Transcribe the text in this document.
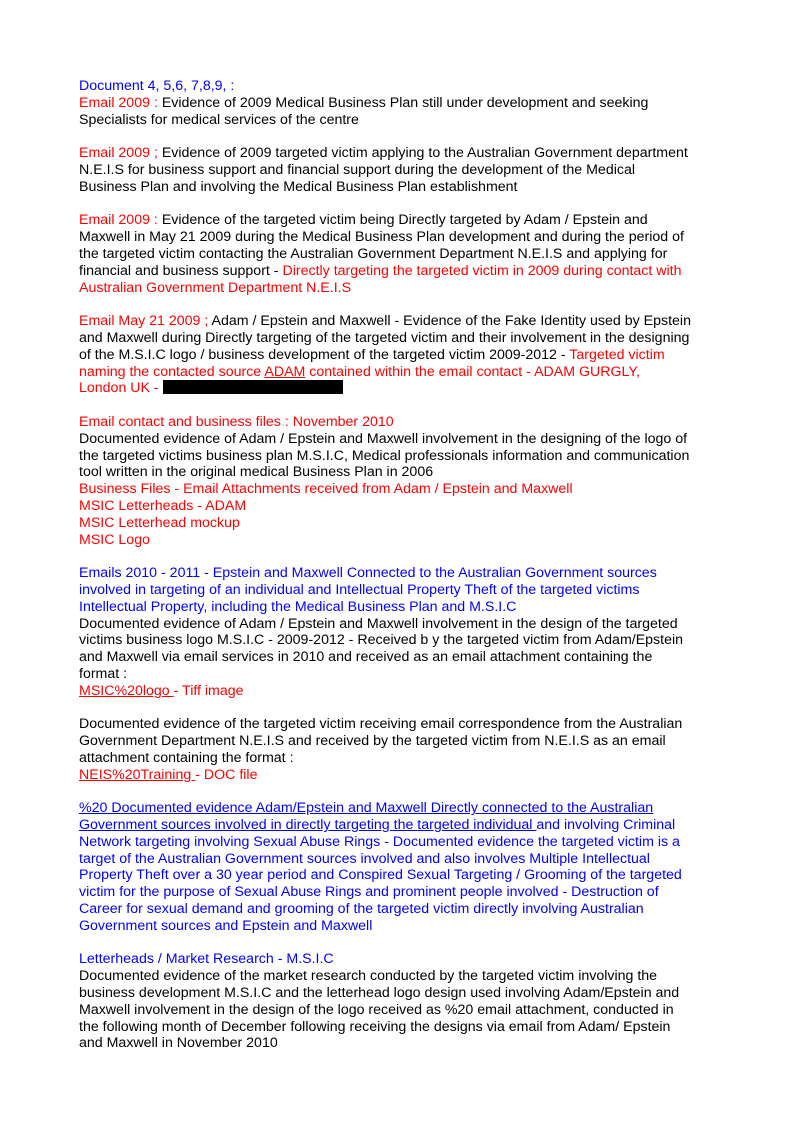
Document 4, 5,6, 7,8,9, :
Email 2009 : Evidence of 2009 Medical Business Plan still under development and seeking
Specialists for medical services of the centre
Email 2009 ; Evidence of 2009 targeted victim applying to the Australian Government department
N.E.I.S for business support and financial support during the development of the Medical
Business Plan and involving the Medical Business Plan establishment
Email 2009 : Evidence of the targeted victim being Directly targeted by Adam / Epstein and
Maxwell in May 21 2009 during the Medical Business Plan development and during the period of
the targeted victim contacting the Australian Government Department N.E.I.S and applying for
financial and business support - Directly targeting the targeted victim in 2009 during contact with
Australian Government Department N.E.I.S
Email May 21 2009 ; Adam / Epstein and Maxwell - Evidence of the Fake Identity used by Epstein
and Maxwell during Directly targeting of the targeted victim and their involvement in the designing
of the M.S.I.C logo / business development of the targeted victim 2009-2012 - Targeted victim
naming the contacted source ADAM contained within the email contact - ADAM GURGLY,
London UK -
Email contact and business files : November 2010
Documented evidence of Adam / Epstein and Maxwell involvement in the designing of the logo of
the targeted victims business plan M.S.I.C, Medical professionals information and communication
tool written in the original medical Business Plan in 2006
Business Files - Email Attachments received from Adam / Epstein and Maxwell
MSIC Letterheads - ADAM
MSIC Letterhead mockup
MSIC Logo
Emails 2010 - 2011 - Epstein and Maxwell Connected to the Australian Government sources
involved in targeting of an individual and Intellectual Property Theft of the targeted victims
Intellectual Property, including the Medical Business Plan and M.S.I.C
Documented evidence of Adam / Epstein and Maxwell involvement in the design of the targeted
victims business logo M.S.I.C - 2009-2012 - Received b y the targeted victim from Adam/Epstein
and Maxwell via email services in 2010 and received as an email attachment containing the
format :
MSIC%20logo - Tiff image
Documented evidence of the targeted victim receiving email correspondence from the Australian
Government Department N.E.I.S and received by the targeted victim from N.E.I.S as an email
attachment containing the format :
NEIS%20Training - DOC file
%20 Documented evidence Adam/Epstein and Maxwell Directly connected to the Australian
Government sources involved in directly targeting the targeted individual and involving Criminal
Network targeting involving Sexual Abuse Rings - Documented evidence the targeted victim is a
target of the Australian Government sources involved and also involves Multiple Intellectual
Property Theft over a 30 year period and Conspired Sexual Targeting / Grooming of the targeted
victim for the purpose of Sexual Abuse Rings and prominent people involved - Destruction of
Career for sexual demand and grooming of the targeted victim directly involving Australian
Government sources and Epstein and Maxwell
Letterheads / Market Research - M.S.I.C
Documented evidence of the market research conducted by the targeted victim involving the
business development M.S.I.C and the letterhead logo design used involving Adam/Epstein and
Maxwell involvement in the design of the logo received as %20 email attachment, conducted in
the following month of December following receiving the designs via email from Adam/ Epstein
and Maxwell in November 2010
